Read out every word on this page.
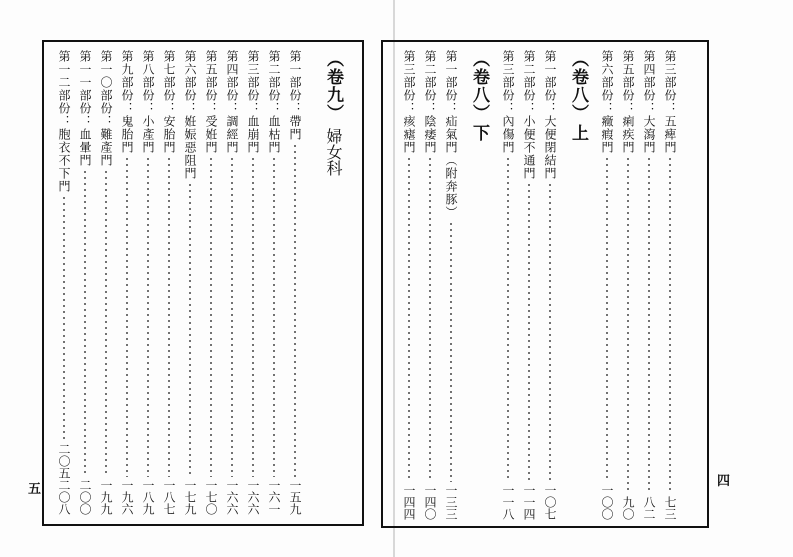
（卷九）
婦女科
第一部份：帶門
一五九
第二部份：血枯門
一六一
第三部份：血崩門
一六六
第四部份：調經門
一六六
第五部份：受姙門
一七〇
第六部份：姙娠惡阻門
一七九
第七部份：安胎門
一八七
第八部份：小產門
一八九
第九部份：鬼胎門
一九六
第一〇部份：難產門
一九九
第一一部份：血暈門
二〇〇
第一二部份：胞衣不下門
二〇五
二〇八
五
第三部份：五痺門
七三
第四部份：大瀉門
八二
第五部份：痢疾門
九〇
第六部份：癥瘕門
一〇〇
（卷八）
上
第一部份：大便閉結門
一〇七
第二部份：小便不通門
一一四
第三部份：內傷門
一一八
（卷八）
下
第一部份：疝氣門（附奔豚）
一三三
第二部份：陰痿門
一四〇
第三部份：痎瘧門
一四四
四
